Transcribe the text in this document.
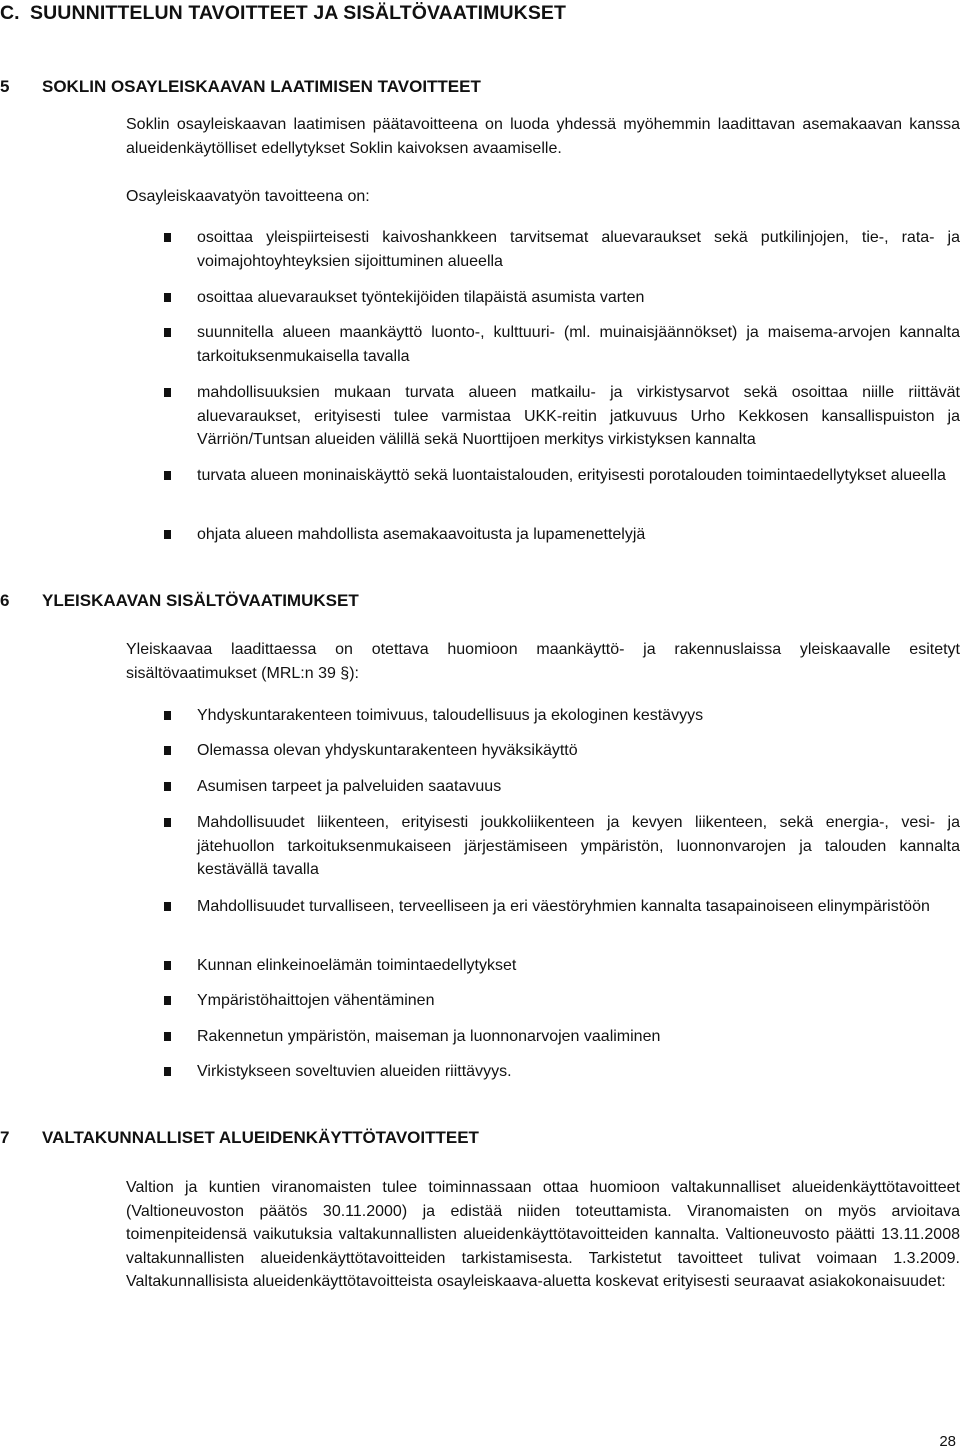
C. SUUNNITTELUN TAVOITTEET JA SISÄLTÖVAATIMUKSET
5 SOKLIN OSAYLEISKAAVAN LAATIMISEN TAVOITTEET
Soklin osayleiskaavan laatimisen päätavoitteena on luoda yhdessä myöhemmin laadittavan asemakaavan kanssa alueidenkäytölliset edellytykset Soklin kaivoksen avaamiselle.
Osayleiskaavatyön tavoitteena on:
osoittaa yleispiirteisesti kaivoshankkeen tarvitsemat aluevaraukset sekä putkilinjojen, tie-, rata- ja voimajohtoyhteyksien sijoittuminen alueella
osoittaa aluevaraukset työntekijöiden tilapäistä asumista varten
suunnitella alueen maankäyttö luonto-, kulttuuri- (ml. muinaisjäännökset) ja maisema-arvojen kannalta tarkoituksenmukaisella tavalla
mahdollisuuksien mukaan turvata alueen matkailu- ja virkistysarvot sekä osoittaa niille riittävät aluevaraukset, erityisesti tulee varmistaa UKK-reitin jatkuvuus Urho Kekkosen kansallispuiston ja Värriön/Tuntsan alueiden välillä sekä Nuorttijoen merkitys virkistyksen kannalta
turvata alueen moninaiskäyttö sekä luontaistalouden, erityisesti porotalouden toimintaedellytykset alueella
ohjata alueen mahdollista asemakaavoitusta ja lupamenettelyjä
6 YLEISKAAVAN SISÄLTÖVAATIMUKSET
Yleiskaavaa laadittaessa on otettava huomioon maankäyttö- ja rakennuslaissa yleiskaavalle esitetyt sisältövaatimukset (MRL:n 39 §):
Yhdyskuntarakenteen toimivuus, taloudellisuus ja ekologinen kestävyys
Olemassa olevan yhdyskuntarakenteen hyväksikäyttö
Asumisen tarpeet ja palveluiden saatavuus
Mahdollisuudet liikenteen, erityisesti joukkoliikenteen ja kevyen liikenteen, sekä energia-, vesi- ja jätehuollon tarkoituksenmukaiseen järjestämiseen ympäristön, luonnonvarojen ja talouden kannalta kestävällä tavalla
Mahdollisuudet turvalliseen, terveelliseen ja eri väestöryhmien kannalta tasapainoiseen elinympäristöön
Kunnan elinkeinoelämän toimintaedellytykset
Ympäristöhaittojen vähentäminen
Rakennetun ympäristön, maiseman ja luonnonarvojen vaaliminen
Virkistykseen soveltuvien alueiden riittävyys.
7 VALTAKUNNALLISET ALUEIDENKÄYTTÖTAVOITTEET
Valtion ja kuntien viranomaisten tulee toiminnassaan ottaa huomioon valtakunnalliset alueidenkäyttötavoitteet (Valtioneuvoston päätös 30.11.2000) ja edistää niiden toteuttamista. Viranomaisten on myös arvioitava toimenpiteidensä vaikutuksia valtakunnallisten alueidenkäyttötavoitteiden kannalta. Valtioneuvosto päätti 13.11.2008 valtakunnallisten alueidenkäyttötavoitteiden tarkistamisesta. Tarkistetut tavoitteet tulivat voimaan 1.3.2009. Valtakunnallisista alueidenkäyttötavoitteista osayleiskaava-aluetta koskevat erityisesti seuraavat asiakokonaisuudet:
28
